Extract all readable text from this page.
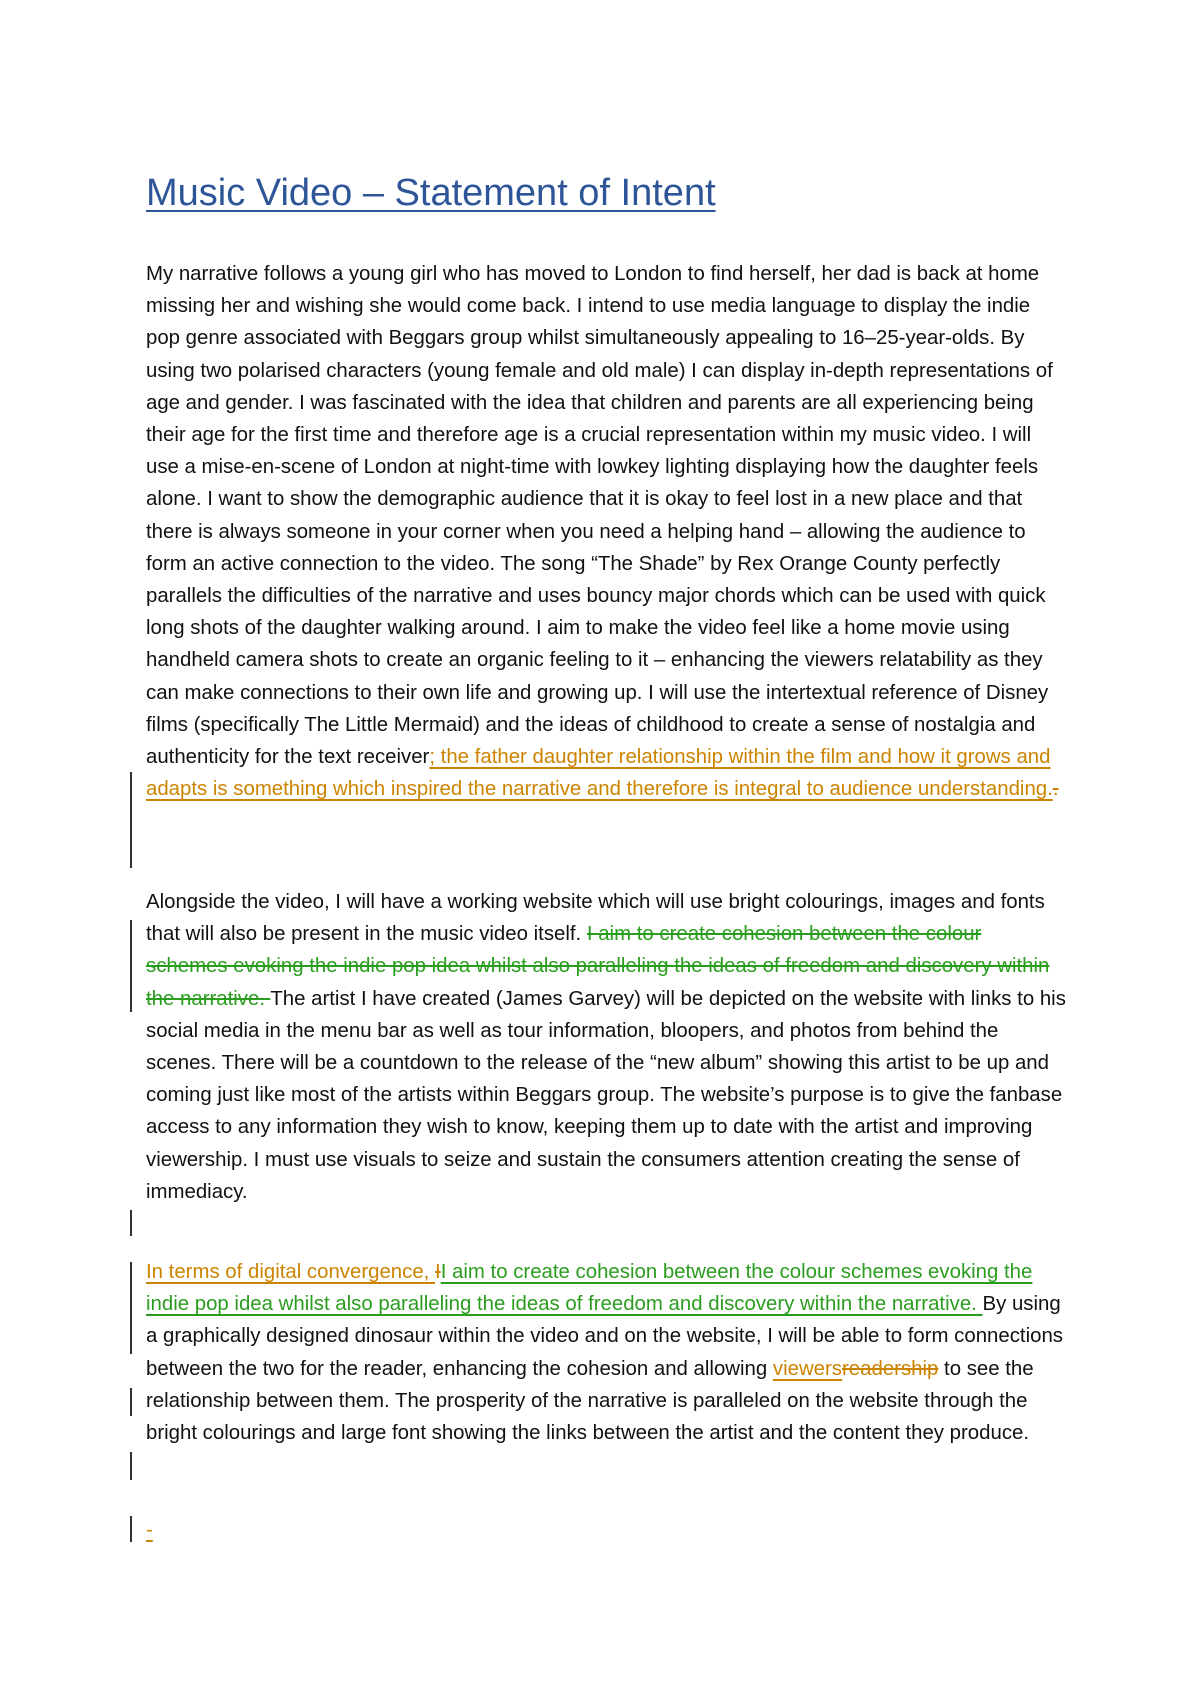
Music Video – Statement of Intent
My narrative follows a young girl who has moved to London to find herself, her dad is back at home missing her and wishing she would come back. I intend to use media language to display the indie pop genre associated with Beggars group whilst simultaneously appealing to 16–25-year-olds. By using two polarised characters (young female and old male) I can display in-depth representations of age and gender. I was fascinated with the idea that children and parents are all experiencing being their age for the first time and therefore age is a crucial representation within my music video. I will use a mise-en-scene of London at night-time with lowkey lighting displaying how the daughter feels alone. I want to show the demographic audience that it is okay to feel lost in a new place and that there is always someone in your corner when you need a helping hand – allowing the audience to form an active connection to the video. The song “The Shade” by Rex Orange County perfectly parallels the difficulties of the narrative and uses bouncy major chords which can be used with quick long shots of the daughter walking around. I aim to make the video feel like a home movie using handheld camera shots to create an organic feeling to it – enhancing the viewers relatability as they can make connections to their own life and growing up. I will use the intertextual reference of Disney films (specifically The Little Mermaid) and the ideas of childhood to create a sense of nostalgia and authenticity for the text receiver; the father daughter relationship within the film and how it grows and adapts is something which inspired the narrative and therefore is integral to audience understanding..
Alongside the video, I will have a working website which will use bright colourings, images and fonts that will also be present in the music video itself. I aim to create cohesion between the colour schemes evoking the indie pop idea whilst also paralleling the ideas of freedom and discovery within the narrative. The artist I have created (James Garvey) will be depicted on the website with links to his social media in the menu bar as well as tour information, bloopers, and photos from behind the scenes. There will be a countdown to the release of the “new album” showing this artist to be up and coming just like most of the artists within Beggars group. The website’s purpose is to give the fanbase access to any information they wish to know, keeping them up to date with the artist and improving viewership. I must use visuals to seize and sustain the consumers attention creating the sense of immediacy.
In terms of digital convergence, II aim to create cohesion between the colour schemes evoking the indie pop idea whilst also paralleling the ideas of freedom and discovery within the narrative. By using a graphically designed dinosaur within the video and on the website, I will be able to form connections between the two for the reader, enhancing the cohesion and allowing viewersreadership to see the relationship between them. The prosperity of the narrative is paralleled on the website through the bright colourings and large font showing the links between the artist and the content they produce.
-
